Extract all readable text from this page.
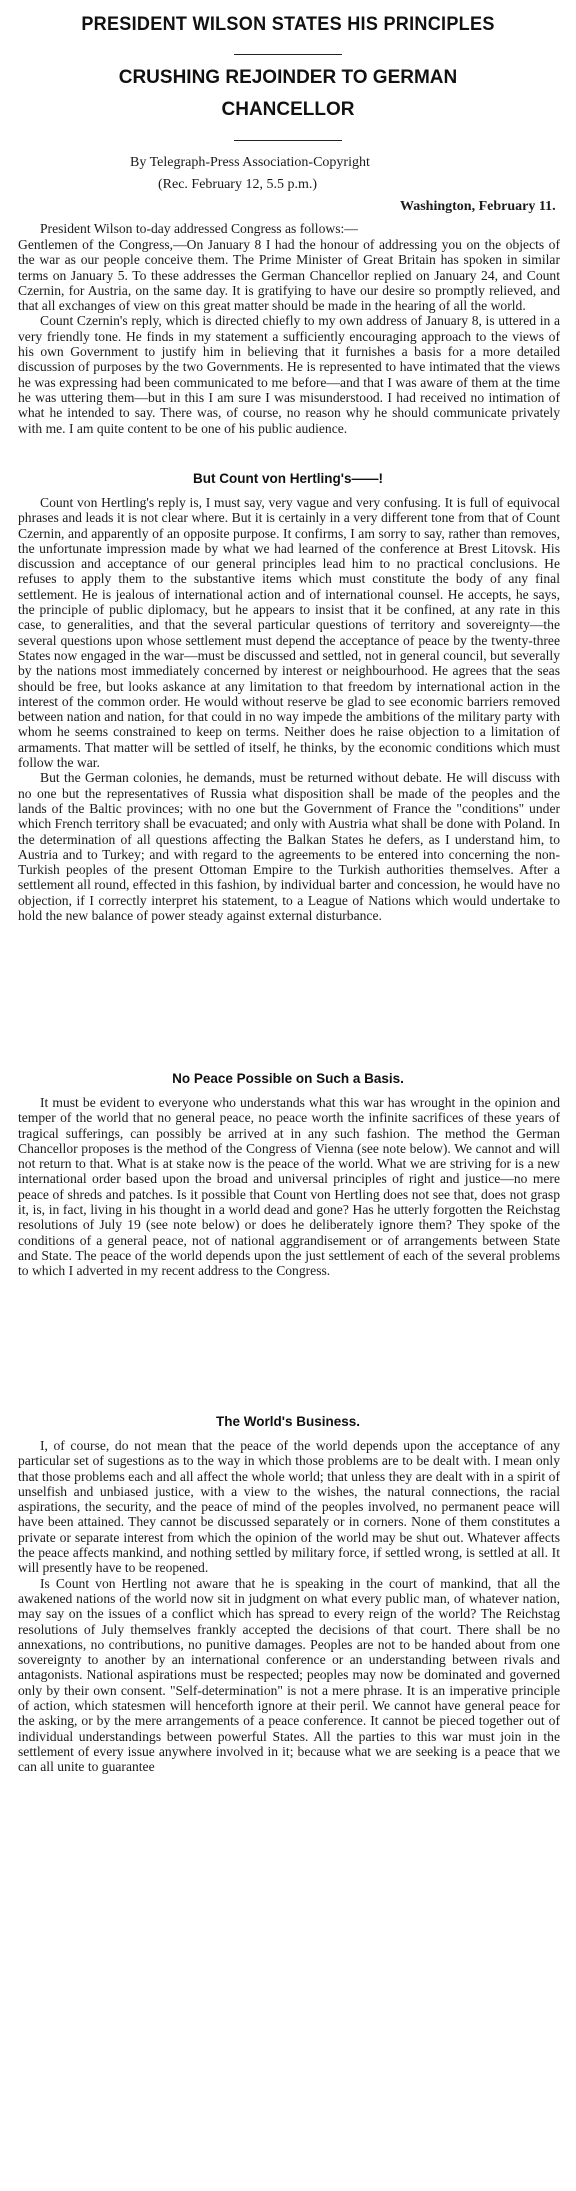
PRESIDENT WILSON STATES HIS PRINCIPLES
CRUSHING REJOINDER TO GERMAN CHANCELLOR
By Telegraph-Press Association-Copyright
(Rec. February 12, 5.5 p.m.)
Washington, February 11.

President Wilson to-day addressed Congress as follows:—

Gentlemen of the Congress,—On January 8 I had the honour of addressing you on the objects of the war as our people conceive them. The Prime Minister of Great Britain has spoken in similar terms on January 5. To these addresses the German Chancellor replied on January 24, and Count Czernin, for Austria, on the same day. It is gratifying to have our desire so promptly relieved, and that all exchanges of view on this great matter should be made in the hearing of all the world.

Count Czernin's reply, which is directed chiefly to my own address of January 8, is uttered in a very friendly tone. He finds in my statement a sufficiently encouraging approach to the views of his own Government to justify him in believing that it furnishes a basis for a more detailed discussion of purposes by the two Governments. He is represented to have intimated that the views he was expressing had been communicated to me before—and that I was aware of them at the time he was uttering them—but in this I am sure I was misunderstood. I had received no intimation of what he intended to say. There was, of course, no reason why he should communicate privately with me. I am quite content to be one of his public audience.

But Count von Hertling's——!

Count von Hertling's reply is, I must say, very vague and very confusing. It is full of equivocal phrases and leads it is not clear where. But it is certainly in a very different tone from that of Count Czernin, and apparently of an opposite purpose. It confirms, I am sorry to say, rather than removes, the unfortunate impression made by what we had learned of the conference at Brest Litovsk. His discussion and acceptance of our general principles lead him to no practical conclusions. He refuses to apply them to the substantive items which must constitute the body of any final settlement. He is jealous of international action and of international counsel. He accepts, he says, the principle of public diplomacy, but he appears to insist that it be confined, at any rate in this case, to generalities, and that the several particular questions of territory and sovereignty—the several questions upon whose settlement must depend the acceptance of peace by the twenty-three States now engaged in the war—must be discussed and settled, not in general council, but severally by the nations most immediately concerned by interest or neighbourhood. He agrees that the seas should be free, but looks askance at any limitation to that freedom by international action in the interest of the common order. He would without reserve be glad to see economic barriers removed between nation and nation, for that could in no way impede the ambitions of the military party with whom he seems constrained to keep on terms. Neither does he raise objection to a limitation of armaments. That matter will be settled of itself, he thinks, by the economic conditions which must follow the war.

But the German colonies, he demands, must be returned without debate. He will discuss with no one but the representatives of Russia what disposition shall be made of the peoples and the lands of the Baltic provinces; with no one but the Government of France the "conditions" under which French territory shall be evacuated; and only with Austria what shall be done with Poland. In the determination of all questions affecting the Balkan States he defers, as I understand him, to Austria and to Turkey; and with regard to the agreements to be entered into concerning the non-Turkish peoples of the present Ottoman Empire to the Turkish authorities themselves. After a settlement all round, effected in this fashion, by individual barter and concession, he would have no objection, if I correctly interpret his statement, to a League of Nations which would undertake to hold the new balance of power steady against external disturbance.

No Peace Possible on Such a Basis.

It must be evident to everyone who understands what this war has wrought in the opinion and temper of the world that no general peace, no peace worth the infinite sacrifices of these years of tragical sufferings, can possibly be arrived at in any such fashion. The method the German Chancellor proposes is the method of the Congress of Vienna (see note below). We cannot and will not return to that. What is at stake now is the peace of the world. What we are striving for is a new international order based upon the broad and universal principles of right and justice—no mere peace of shreds and patches. Is it possible that Count von Hertling does not see that, does not grasp it, is, in fact, living in his thought in a world dead and gone? Has he utterly forgotten the Reichstag resolutions of July 19 (see note below) or does he deliberately ignore them? They spoke of the conditions of a general peace, not of national aggrandisement or of arrangements between State and State. The peace of the world depends upon the just settlement of each of the several problems to which I adverted in my recent address to the Congress.

The World's Business.

I, of course, do not mean that the peace of the world depends upon the acceptance of any particular set of sugestions as to the way in which those problems are to be dealt with. I mean only that those problems each and all affect the whole world; that unless they are dealt with in a spirit of unselfish and unbiased justice, with a view to the wishes, the natural connections, the racial aspirations, the security, and the peace of mind of the peoples involved, no permanent peace will have been attained. They cannot be discussed separately or in corners. None of them constitutes a private or separate interest from which the opinion of the world may be shut out. Whatever affects the peace affects mankind, and nothing settled by military force, if settled wrong, is settled at all. It will presently have to be reopened.

Is Count von Hertling not aware that he is speaking in the court of mankind, that all the awakened nations of the world now sit in judgment on what every public man, of whatever nation, may say on the issues of a conflict which has spread to every reign of the world? The Reichstag resolutions of July themselves frankly accepted the decisions of that court. There shall be no annexations, no contributions, no punitive damages. Peoples are not to be handed about from one sovereignty to another by an international conference or an understanding between rivals and antagonists. National aspirations must be respected; peoples may now be dominated and governed only by their own consent. "Self-determination" is not a mere phrase. It is an imperative principle of action, which statesmen will henceforth ignore at their peril. We cannot have general peace for the asking, or by the mere arrangements of a peace conference. It cannot be pieced together out of individual understandings between powerful States. All the parties to this war must join in the settlement of every issue anywhere involved in it; because what we are seeking is a peace that we can all unite to guarantee
